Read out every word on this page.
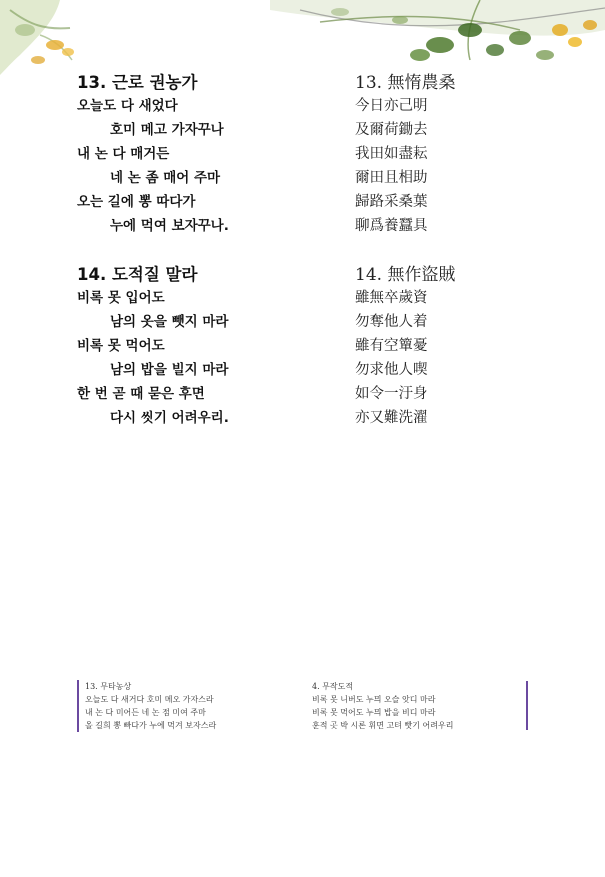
13. 근로 권농가
오늘도 다 새었다
호미 메고 가자꾸나
내 논 다 매거든
네 논 좀 매어 주마
오는 길에 뽕 따다가
누에 먹여 보자꾸나.
13. 無惰農桑
今日亦己明
及爾荷鋤去
我田如盡耘
爾田且相助
歸路采桑葉
聊爲養蠶具
14. 도적질 말라
비록 못 입어도
남의 옷을 뺏지 마라
비록 못 먹어도
남의 밥을 빌지 마라
한 번 곧 때 묻은 후면
다시 씻기 어려우리.
14. 無作盜賊
雖無卒歲資
勿奪他人着
雖有空簞憂
勿求他人喫
如令一汙身
亦又難洗濯
13. 무타농상
오늘도 다 새거다 호미 메오 가자스라
내 논 다 미어든 네 논 점 미여 주마
올 길희 뽕 빠다가 누에 먹겨 보자스라
4. 무작도적
비록 못 니버도 누믜 오슬 앗디 마라
비록 못 먹어도 누믜 밥을 비디 마라
훈적 곳 박 시론 휘면 고텨 빳기 어려우리
